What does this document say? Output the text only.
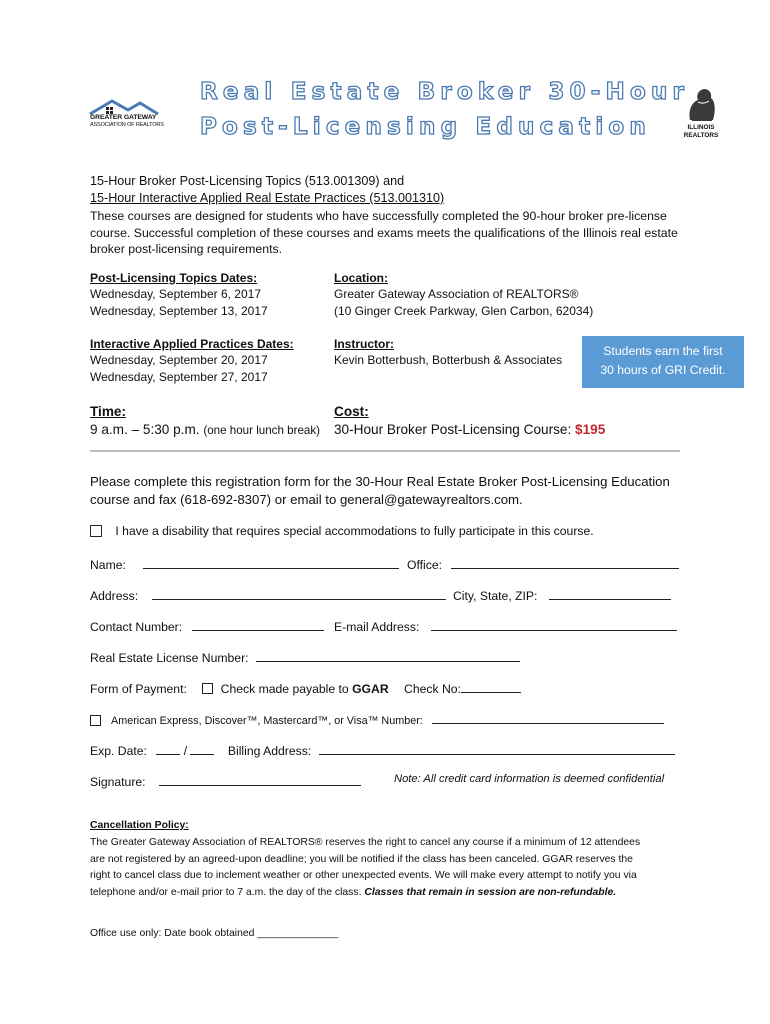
GREATER GATEWAY
ASSOCIATION OF REALTORS
Real Estate Broker 30-Hour
Post-Licensing Education	ILLINOIS
REALTORS
15-Hour Broker Post-Licensing Topics (513.001309) and
15-Hour Interactive Applied Real Estate Practices (513.001310)
These courses are designed for students who have successfully completed the 90-hour broker pre-license course. Successful completion of these courses and exams meets the qualifications of the Illinois real estate broker post-licensing requirements.
Post-Licensing Topics Dates:
Wednesday, September 6, 2017
Wednesday, September 13, 2017
Location:
Greater Gateway Association of REALTORS®
(10 Ginger Creek Parkway, Glen Carbon, 62034)
Interactive Applied Practices Dates:
Wednesday, September 20, 2017
Wednesday, September 27, 2017
Instructor:
Kevin Botterbush, Botterbush & Associates
Students earn the first
30 hours of GRI Credit.
Time:
9 a.m. – 5:30 p.m. (one hour lunch break)
Cost:
30-Hour Broker Post-Licensing Course: $195
Please complete this registration form for the 30-Hour Real Estate Broker Post-Licensing Education course and fax (618-692-8307) or email to general@gatewayrealtors.com.
I have a disability that requires special accommodations to fully participate in this course.
Name:	Office:
Address:	City, State, ZIP:
Contact Number:	E-mail Address:
Real Estate License Number:
Form of Payment:	Check made payable to GGAR Check No:
American Express, Discover™, Mastercard™, or Visa™ Number:
Exp. Date:	/	Billing Address:
Signature:	Note: All credit card information is deemed confidential
Cancellation Policy:
The Greater Gateway Association of REALTORS® reserves the right to cancel any course if a minimum of 12 attendees are not registered by an agreed-upon deadline; you will be notified if the class has been canceled. GGAR reserves the right to cancel class due to inclement weather or other unexpected events. We will make every attempt to notify you via telephone and/or e-mail prior to 7 a.m. the day of the class. Classes that remain in session are non-refundable.
Office use only: Date book obtained ______________
